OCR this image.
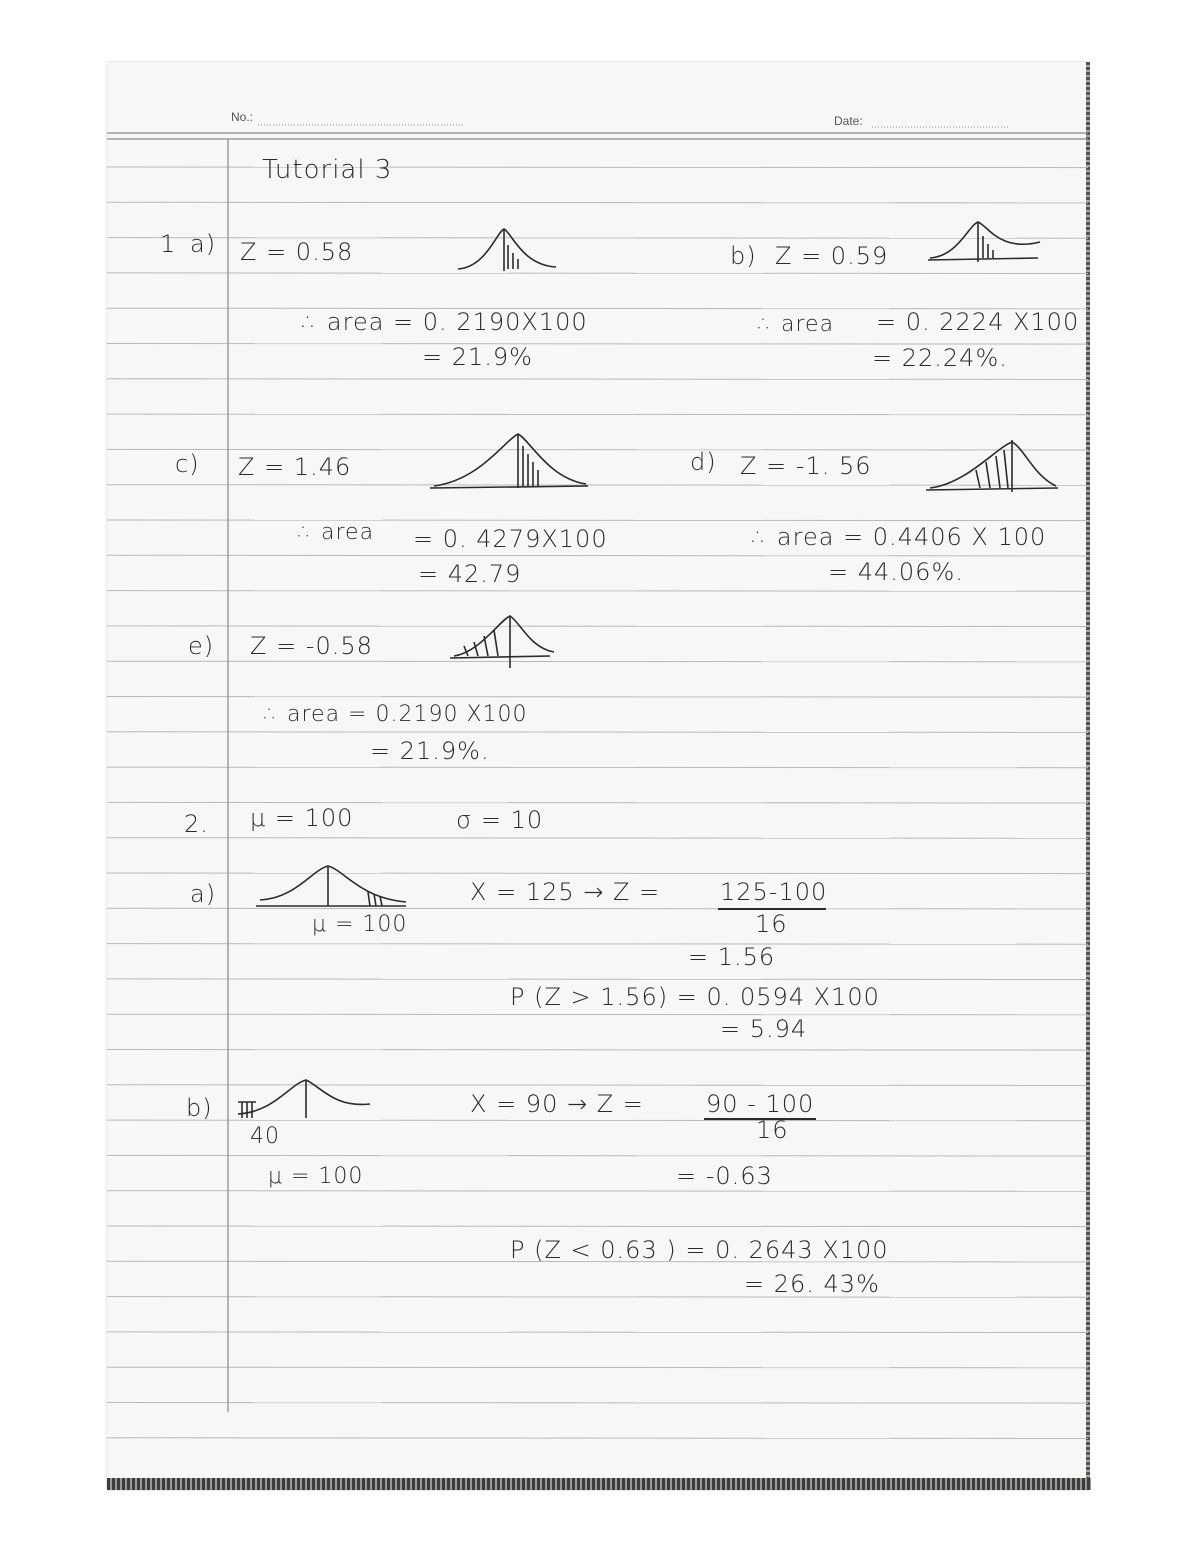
No.:	Date:
Tutorial 3
1 a) Z = 0.58
∴ area = 0. 2190X100
= 21.9%
b) Z = 0.59
∴ area = 0. 2224 X100
= 22.24%.
c) Z = 1.46
∴ area = 0. 4279X100
= 42.79
d) Z = -1. 56
∴ area = 0.4406 X 100
= 44.06%.
e) Z = -0.58
∴ area = 0.2190 X100
= 21.9%.
2. μ = 100	σ = 10
a)
μ = 100
X = 125 → Z = 125-100
16
= 1.56
P (Z > 1.56) = 0. 0594 X100
= 5.94
b)
40
μ = 100
X = 90 → Z =	90 - 100
16
= -0.63
P (Z < 0.63 ) = 0. 2643 X100
= 26. 43%
